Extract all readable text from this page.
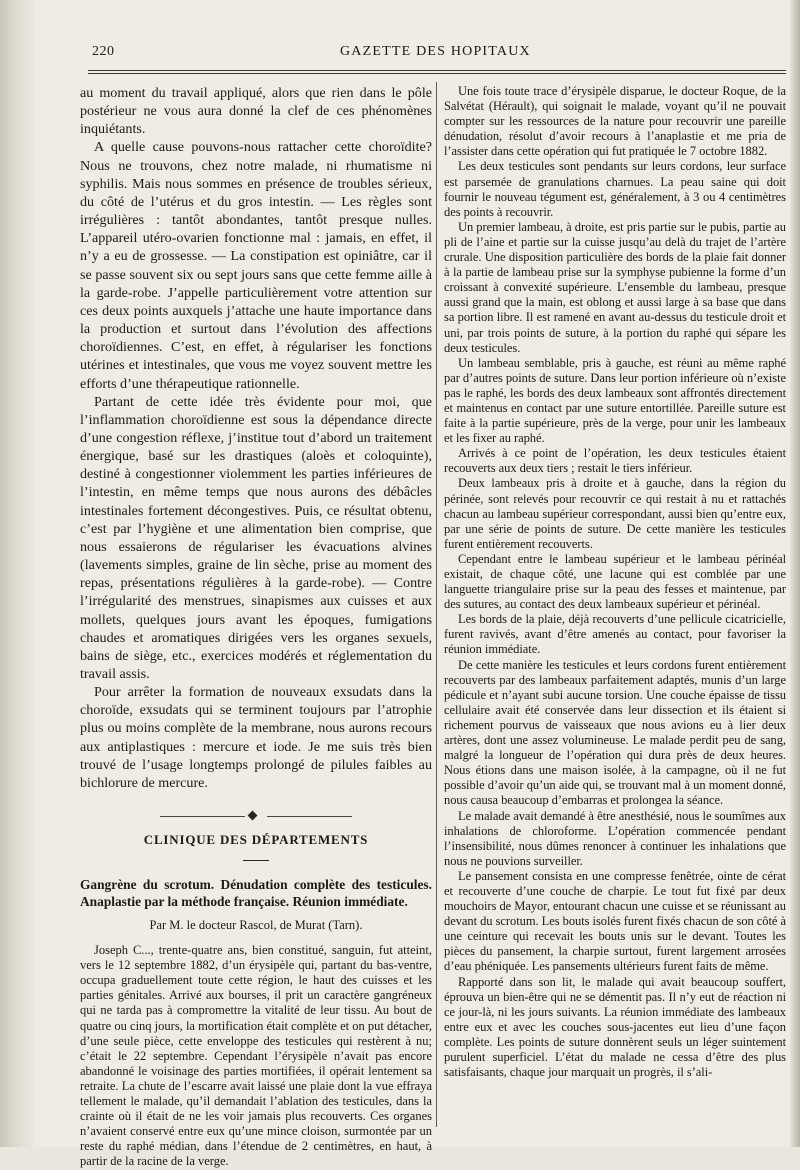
220	GAZETTE DES HOPITAUX

au moment du travail appliqué, alors que rien dans le pôle postérieur ne vous aura donné la clef de ces phénomènes inquiétants.

A quelle cause pouvons-nous rattacher cette choroïdite? Nous ne trouvons, chez notre malade, ni rhumatisme ni syphilis. Mais nous sommes en présence de troubles sérieux, du côté de l’utérus et du gros intestin. — Les règles sont irrégulières : tantôt abondantes, tantôt presque nulles. L’appareil utéro-ovarien fonctionne mal : jamais, en effet, il n’y a eu de grossesse. — La constipation est opiniâtre, car il se passe souvent six ou sept jours sans que cette femme aille à la garde-robe. J’appelle particulièrement votre attention sur ces deux points auxquels j’attache une haute importance dans la production et surtout dans l’évolution des affections choroïdiennes. C’est, en effet, à régulariser les fonctions utérines et intestinales, que vous me voyez souvent mettre les efforts d’une thérapeutique rationnelle.

Partant de cette idée très évidente pour moi, que l’inflammation choroïdienne est sous la dépendance directe d’une congestion réflexe, j’institue tout d’abord un traitement énergique, basé sur les drastiques (aloès et coloquinte), destiné à congestionner violemment les parties inférieures de l’intestin, en même temps que nous aurons des débâcles intestinales fortement décongestives. Puis, ce résultat obtenu, c’est par l’hygiène et une alimentation bien comprise, que nous essaierons de régulariser les évacuations alvines (lavements simples, graine de lin sèche, prise au moment des repas, présentations régulières à la garde-robe). — Contre l’irrégularité des menstrues, sinapismes aux cuisses et aux mollets, quelques jours avant les époques, fumigations chaudes et aromatiques dirigées vers les organes sexuels, bains de siège, etc., exercices modérés et réglementation du travail assis.

Pour arrêter la formation de nouveaux exsudats dans la choroïde, exsudats qui se terminent toujours par l’atrophie plus ou moins complète de la membrane, nous aurons recours aux antiplastiques : mercure et iode. Je me suis très bien trouvé de l’usage longtemps prolongé de pilules faibles au bichlorure de mercure.

CLINIQUE DES DÉPARTEMENTS
Gangrène du scrotum. Dénudation complète des testicules. Anaplastie par la méthode française. Réunion immédiate.
Par M. le docteur Rascol, de Murat (Tarn).

Joseph C..., trente-quatre ans, bien constitué, sanguin, fut atteint, vers le 12 septembre 1882, d’un érysipèle qui, partant du bas-ventre, occupa graduellement toute cette région, le haut des cuisses et les parties génitales. Arrivé aux bourses, il prit un caractère gangréneux qui ne tarda pas à compromettre la vitalité de leur tissu. Au bout de quatre ou cinq jours, la mortification était complète et on put détacher, d’une seule pièce, cette enveloppe des testicules qui restèrent à nu; c’était le 22 septembre. Cependant l’érysipèle n’avait pas encore abandonné le voisinage des parties mortifiées, il opérait lentement sa retraite. La chute de l’escarre avait laissé une plaie dont la vue effraya tellement le malade, qu’il demandait l’ablation des testicules, dans la crainte où il était de ne les voir jamais plus recouverts. Ces organes n’avaient conservé entre eux qu’une mince cloison, surmontée par un reste du raphé médian, dans l’étendue de 2 centimètres, en haut, à partir de la racine de la verge.

Une fois toute trace d’érysipèle disparue, le docteur Roque, de la Salvétat (Hérault), qui soignait le malade, voyant qu’il ne pouvait compter sur les ressources de la nature pour recouvrir une pareille dénudation, résolut d’avoir recours à l’anaplastie et me pria de l’assister dans cette opération qui fut pratiquée le 7 octobre 1882.

Les deux testicules sont pendants sur leurs cordons, leur surface est parsemée de granulations charnues. La peau saine qui doit fournir le nouveau tégument est, généralement, à 3 ou 4 centimètres des points à recouvrir.

Un premier lambeau, à droite, est pris partie sur le pubis, partie au pli de l’aine et partie sur la cuisse jusqu’au delà du trajet de l’artère crurale. Une disposition particulière des bords de la plaie fait donner à la partie de lambeau prise sur la symphyse pubienne la forme d’un croissant à convexité supérieure. L’ensemble du lambeau, presque aussi grand que la main, est oblong et aussi large à sa base que dans sa portion libre. Il est ramené en avant au-dessus du testicule droit et uni, par trois points de suture, à la portion du raphé qui sépare les deux testicules.

Un lambeau semblable, pris à gauche, est réuni au même raphé par d’autres points de suture. Dans leur portion inférieure où n’existe pas le raphé, les bords des deux lambeaux sont affrontés directement et maintenus en contact par une suture entortillée. Pareille suture est faite à la partie supérieure, près de la verge, pour unir les lambeaux et les fixer au raphé.

Arrivés à ce point de l’opération, les deux testicules étaient recouverts aux deux tiers ; restait le tiers inférieur.

Deux lambeaux pris à droite et à gauche, dans la région du périnée, sont relevés pour recouvrir ce qui restait à nu et rattachés chacun au lambeau supérieur correspondant, aussi bien qu’entre eux, par une série de points de suture. De cette manière les testicules furent entièrement recouverts.

Cependant entre le lambeau supérieur et le lambeau périnéal existait, de chaque côté, une lacune qui est comblée par une languette triangulaire prise sur la peau des fesses et maintenue, par des sutures, au contact des deux lambeaux supérieur et périnéal.

Les bords de la plaie, déjà recouverts d’une pellicule cicatricielle, furent ravivés, avant d’être amenés au contact, pour favoriser la réunion immédiate.

De cette manière les testicules et leurs cordons furent entièrement recouverts par des lambeaux parfaitement adaptés, munis d’un large pédicule et n’ayant subi aucune torsion. Une couche épaisse de tissu cellulaire avait été conservée dans leur dissection et ils étaient si richement pourvus de vaisseaux que nous avions eu à lier deux artères, dont une assez volumineuse. Le malade perdit peu de sang, malgré la longueur de l’opération qui dura près de deux heures. Nous étions dans une maison isolée, à la campagne, où il ne fut possible d’avoir qu’un aide qui, se trouvant mal à un moment donné, nous causa beaucoup d’embarras et prolongea la séance.

Le malade avait demandé à être anesthésié, nous le soumîmes aux inhalations de chloroforme. L’opération commencée pendant l’insensibilité, nous dûmes renoncer à continuer les inhalations que nous ne pouvions surveiller.

Le pansement consista en une compresse fenêtrée, ointe de cérat et recouverte d’une couche de charpie. Le tout fut fixé par deux mouchoirs de Mayor, entourant chacun une cuisse et se réunissant au devant du scrotum. Les bouts isolés furent fixés chacun de son côté à une ceinture qui recevait les bouts unis sur le devant. Toutes les pièces du pansement, la charpie surtout, furent largement arrosées d’eau phéniquée. Les pansements ultérieurs furent faits de même.

Rapporté dans son lit, le malade qui avait beaucoup souffert, éprouva un bien-être qui ne se démentit pas. Il n’y eut de réaction ni ce jour-là, ni les jours suivants. La réunion immédiate des lambeaux entre eux et avec les couches sous-jacentes eut lieu d’une façon complète. Les points de suture donnèrent seuls un léger suintement purulent superficiel. L’état du malade ne cessa d’être des plus satisfaisants, chaque jour marquait un progrès, il s’ali-
